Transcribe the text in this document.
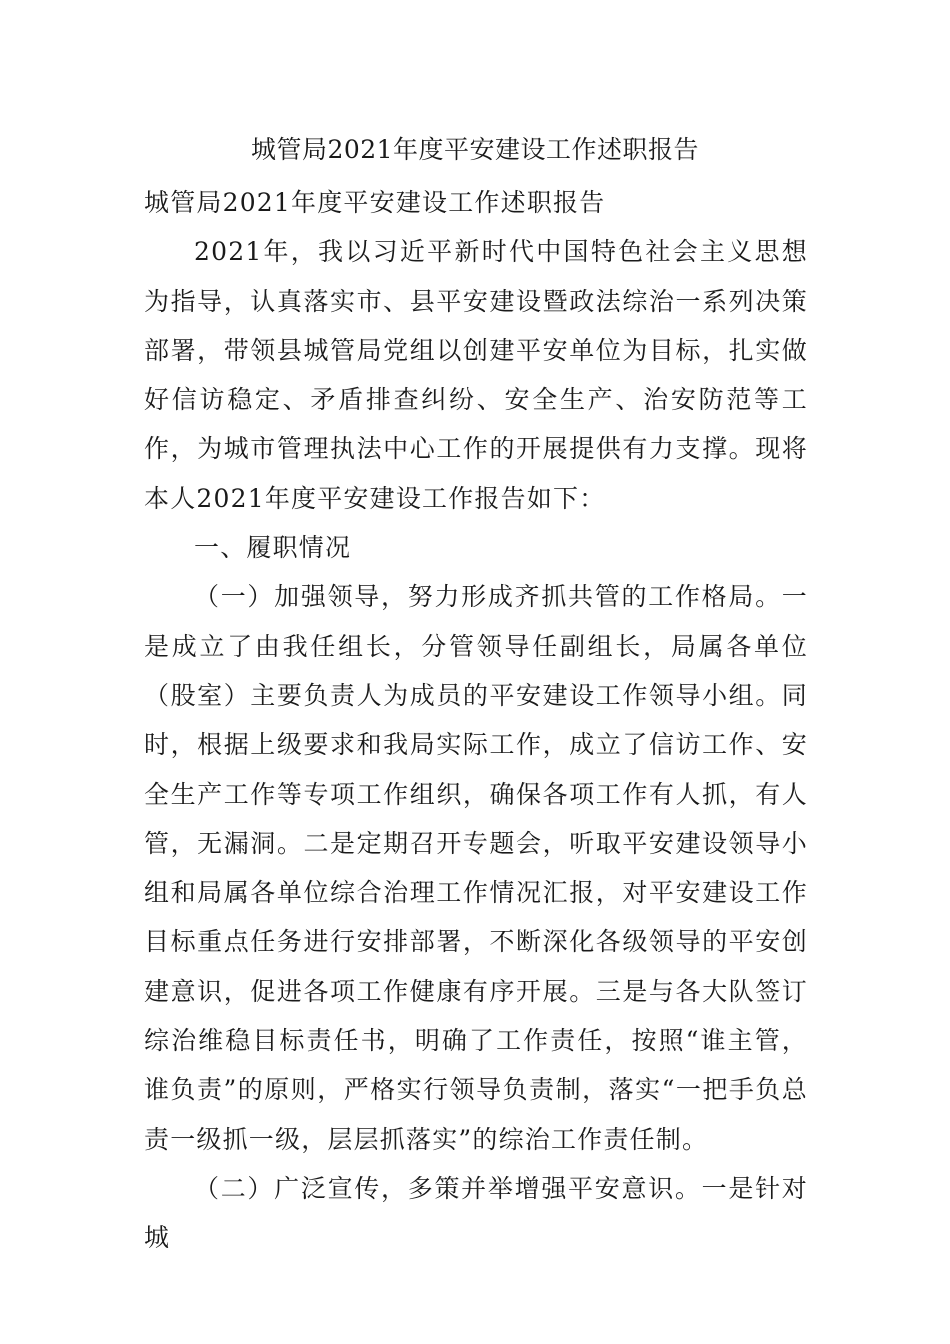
城管局2021年度平安建设工作述职报告

城管局2021年度平安建设工作述职报告

2021年，我以习近平新时代中国特色社会主义思想为指导，认真落实市、县平安建设暨政法综治一系列决策部署，带领县城管局党组以创建平安单位为目标，扎实做好信访稳定、矛盾排查纠纷、安全生产、治安防范等工作，为城市管理执法中心工作的开展提供有力支撑。现将本人2021年度平安建设工作报告如下：

一、履职情况

（一）加强领导，努力形成齐抓共管的工作格局。一是成立了由我任组长，分管领导任副组长，局属各单位（股室）主要负责人为成员的平安建设工作领导小组。同时，根据上级要求和我局实际工作，成立了信访工作、安全生产工作等专项工作组织，确保各项工作有人抓，有人管，无漏洞。二是定期召开专题会，听取平安建设领导小组和局属各单位综合治理工作情况汇报，对平安建设工作目标重点任务进行安排部署，不断深化各级领导的平安创建意识，促进各项工作健康有序开展。三是与各大队签订综治维稳目标责任书，明确了工作责任，按照“谁主管，谁负责”的原则，严格实行领导负责制，落实“一把手负总责一级抓一级，层层抓落实”的综治工作责任制。

（二）广泛宣传，多策并举增强平安意识。一是针对城
